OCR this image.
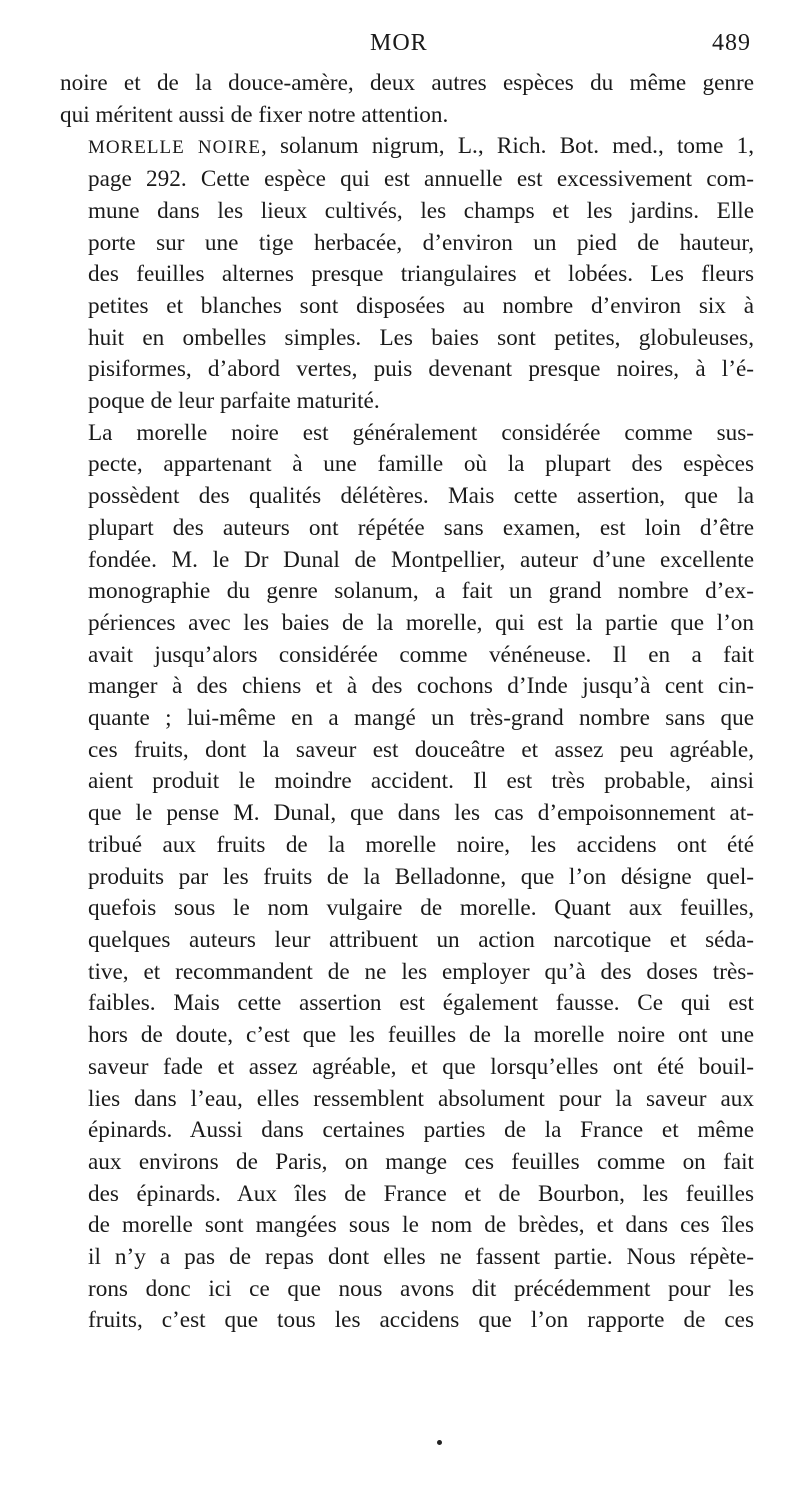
MOR	489

noire et de la douce-amère, deux autres espèces du même genre
qui méritent aussi de fixer notre attention.

MORELLE NOIRE, solanum nigrum, L., Rich. Bot. med., tome 1,
page 292. Cette espèce qui est annuelle est excessivement com-
mune dans les lieux cultivés, les champs et les jardins. Elle
porte sur une tige herbacée, d’environ un pied de hauteur,
des feuilles alternes presque triangulaires et lobées. Les fleurs
petites et blanches sont disposées au nombre d’environ six à
huit en ombelles simples. Les baies sont petites, globuleuses,
pisiformes, d’abord vertes, puis devenant presque noires, à l’é-
poque de leur parfaite maturité.

La morelle noire est généralement considérée comme sus-
pecte, appartenant à une famille où la plupart des espèces
possèdent des qualités délétères. Mais cette assertion, que la
plupart des auteurs ont répétée sans examen, est loin d’être
fondée. M. le Dr Dunal de Montpellier, auteur d’une excellente
monographie du genre solanum, a fait un grand nombre d’ex-
périences avec les baies de la morelle, qui est la partie que l’on
avait jusqu’alors considérée comme vénéneuse. Il en a fait
manger à des chiens et à des cochons d’Inde jusqu’à cent cin-
quante ; lui-même en a mangé un très-grand nombre sans que
ces fruits, dont la saveur est douceâtre et assez peu agréable,
aient produit le moindre accident. Il est très probable, ainsi
que le pense M. Dunal, que dans les cas d’empoisonnement at-
tribué aux fruits de la morelle noire, les accidens ont été
produits par les fruits de la Belladonne, que l’on désigne quel-
quefois sous le nom vulgaire de morelle. Quant aux feuilles,
quelques auteurs leur attribuent un action narcotique et séda-
tive, et recommandent de ne les employer qu’à des doses très-
faibles. Mais cette assertion est également fausse. Ce qui est
hors de doute, c’est que les feuilles de la morelle noire ont une
saveur fade et assez agréable, et que lorsqu’elles ont été bouil-
lies dans l’eau, elles ressemblent absolument pour la saveur aux
épinards. Aussi dans certaines parties de la France et même
aux environs de Paris, on mange ces feuilles comme on fait
des épinards. Aux îles de France et de Bourbon, les feuilles
de morelle sont mangées sous le nom de brèdes, et dans ces îles
il n’y a pas de repas dont elles ne fassent partie. Nous répète-
rons donc ici ce que nous avons dit précédemment pour les
fruits, c’est que tous les accidens que l’on rapporte de ces
